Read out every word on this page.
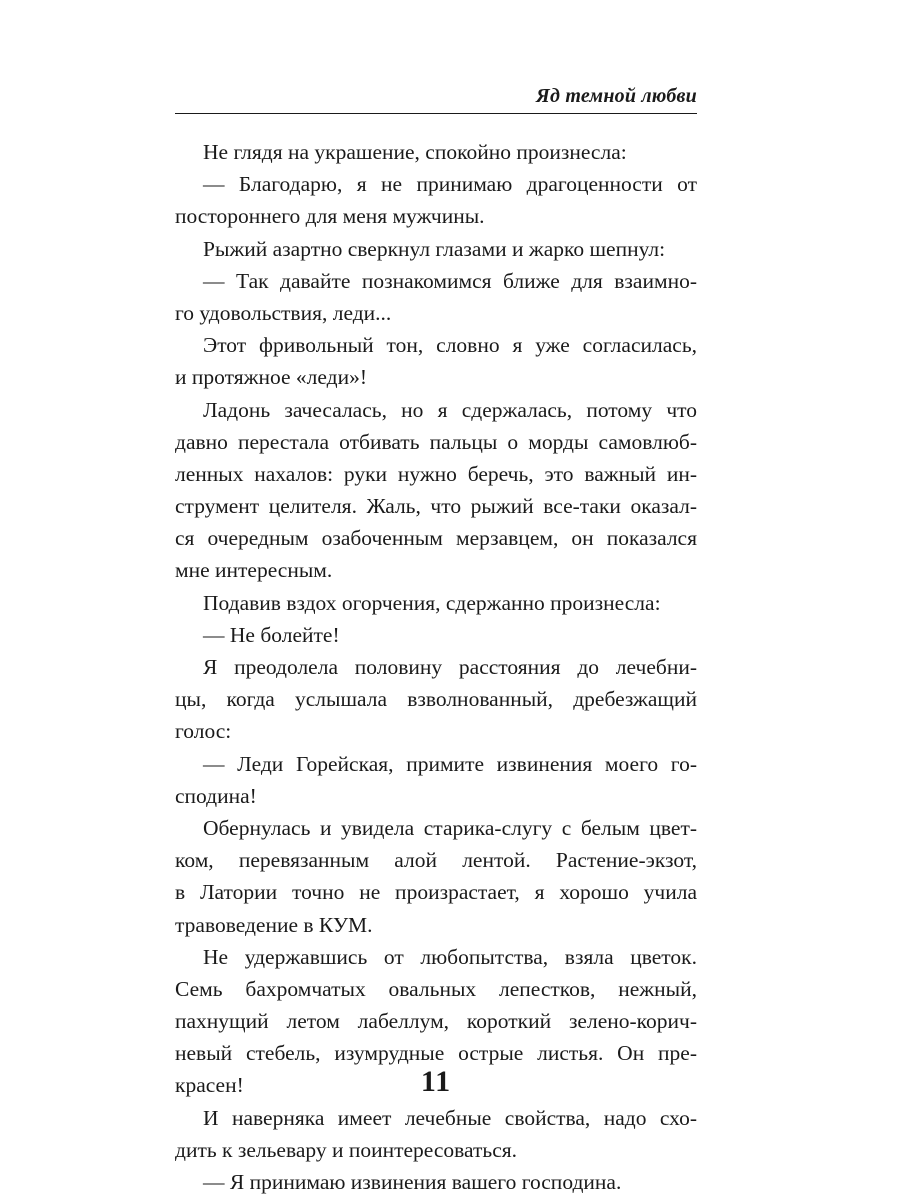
Яд темной любви
Не глядя на украшение, спокойно произнесла:
— Благодарю, я не принимаю драгоценности от
постороннего для меня мужчины.
Рыжий азартно сверкнул глазами и жарко шепнул:
— Так давайте познакомимся ближе для взаимно-
го удовольствия, леди...
Этот фривольный тон, словно я уже согласилась,
и протяжное «леди»!
Ладонь зачесалась, но я сдержалась, потому что
давно перестала отбивать пальцы о морды самовлюб-
ленных нахалов: руки нужно беречь, это важный ин-
струмент целителя. Жаль, что рыжий все-таки оказал-
ся очередным озабоченным мерзавцем, он показался
мне интересным.
Подавив вздох огорчения, сдержанно произнесла:
— Не болейте!
Я преодолела половину расстояния до лечебни-
цы, когда услышала взволнованный, дребезжащий
голос:
— Леди Горейская, примите извинения моего го-
сподина!
Обернулась и увидела старика-слугу с белым цвет-
ком, перевязанным алой лентой. Растение-экзот,
в Латории точно не произрастает, я хорошо учила
травоведение в КУМ.
Не удержавшись от любопытства, взяла цветок.
Семь бахромчатых овальных лепестков, нежный,
пахнущий летом лабеллум, короткий зелено-корич-
невый стебель, изумрудные острые листья. Он пре-
красен!
И наверняка имеет лечебные свойства, надо схо-
дить к зельевару и поинтересоваться.
— Я принимаю извинения вашего господина.
11
